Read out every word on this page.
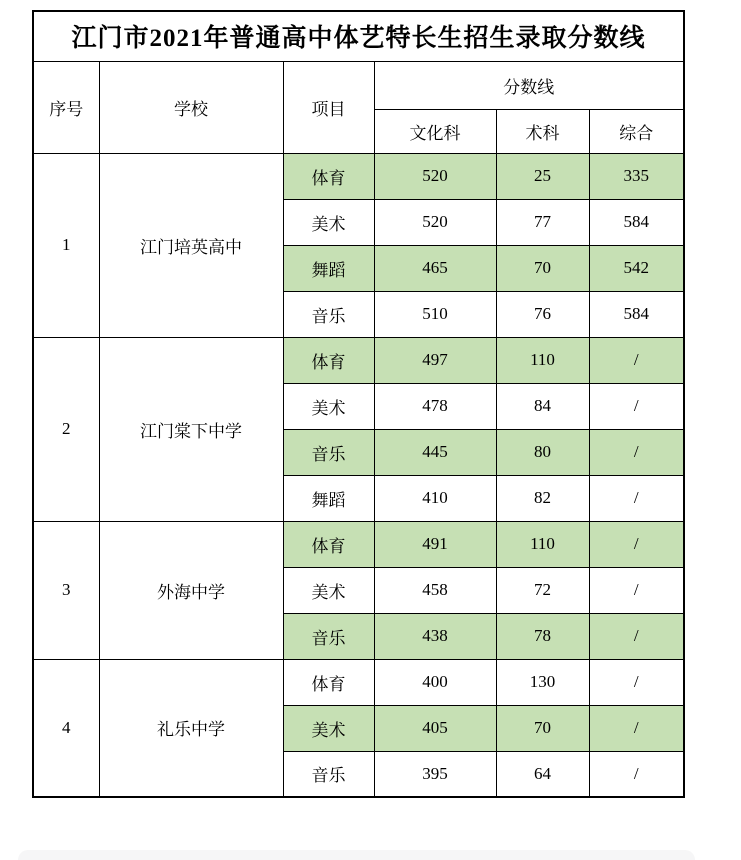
江门市2021年普通高中体艺特长生招生录取分数线					
序号	学校	项目	分数线		
			文化科	术科	综合
1	江门培英高中	体育	520	25	335
		美术	520	77	584
		舞蹈	465	70	542
		音乐	510	76	584
2	江门棠下中学	体育	497	110	/
		美术	478	84	/
		音乐	445	80	/
		舞蹈	410	82	/
3	外海中学	体育	491	110	/
		美术	458	72	/
		音乐	438	78	/
4	礼乐中学	体育	400	130	/
		美术	405	70	/
		音乐	395	64	/
